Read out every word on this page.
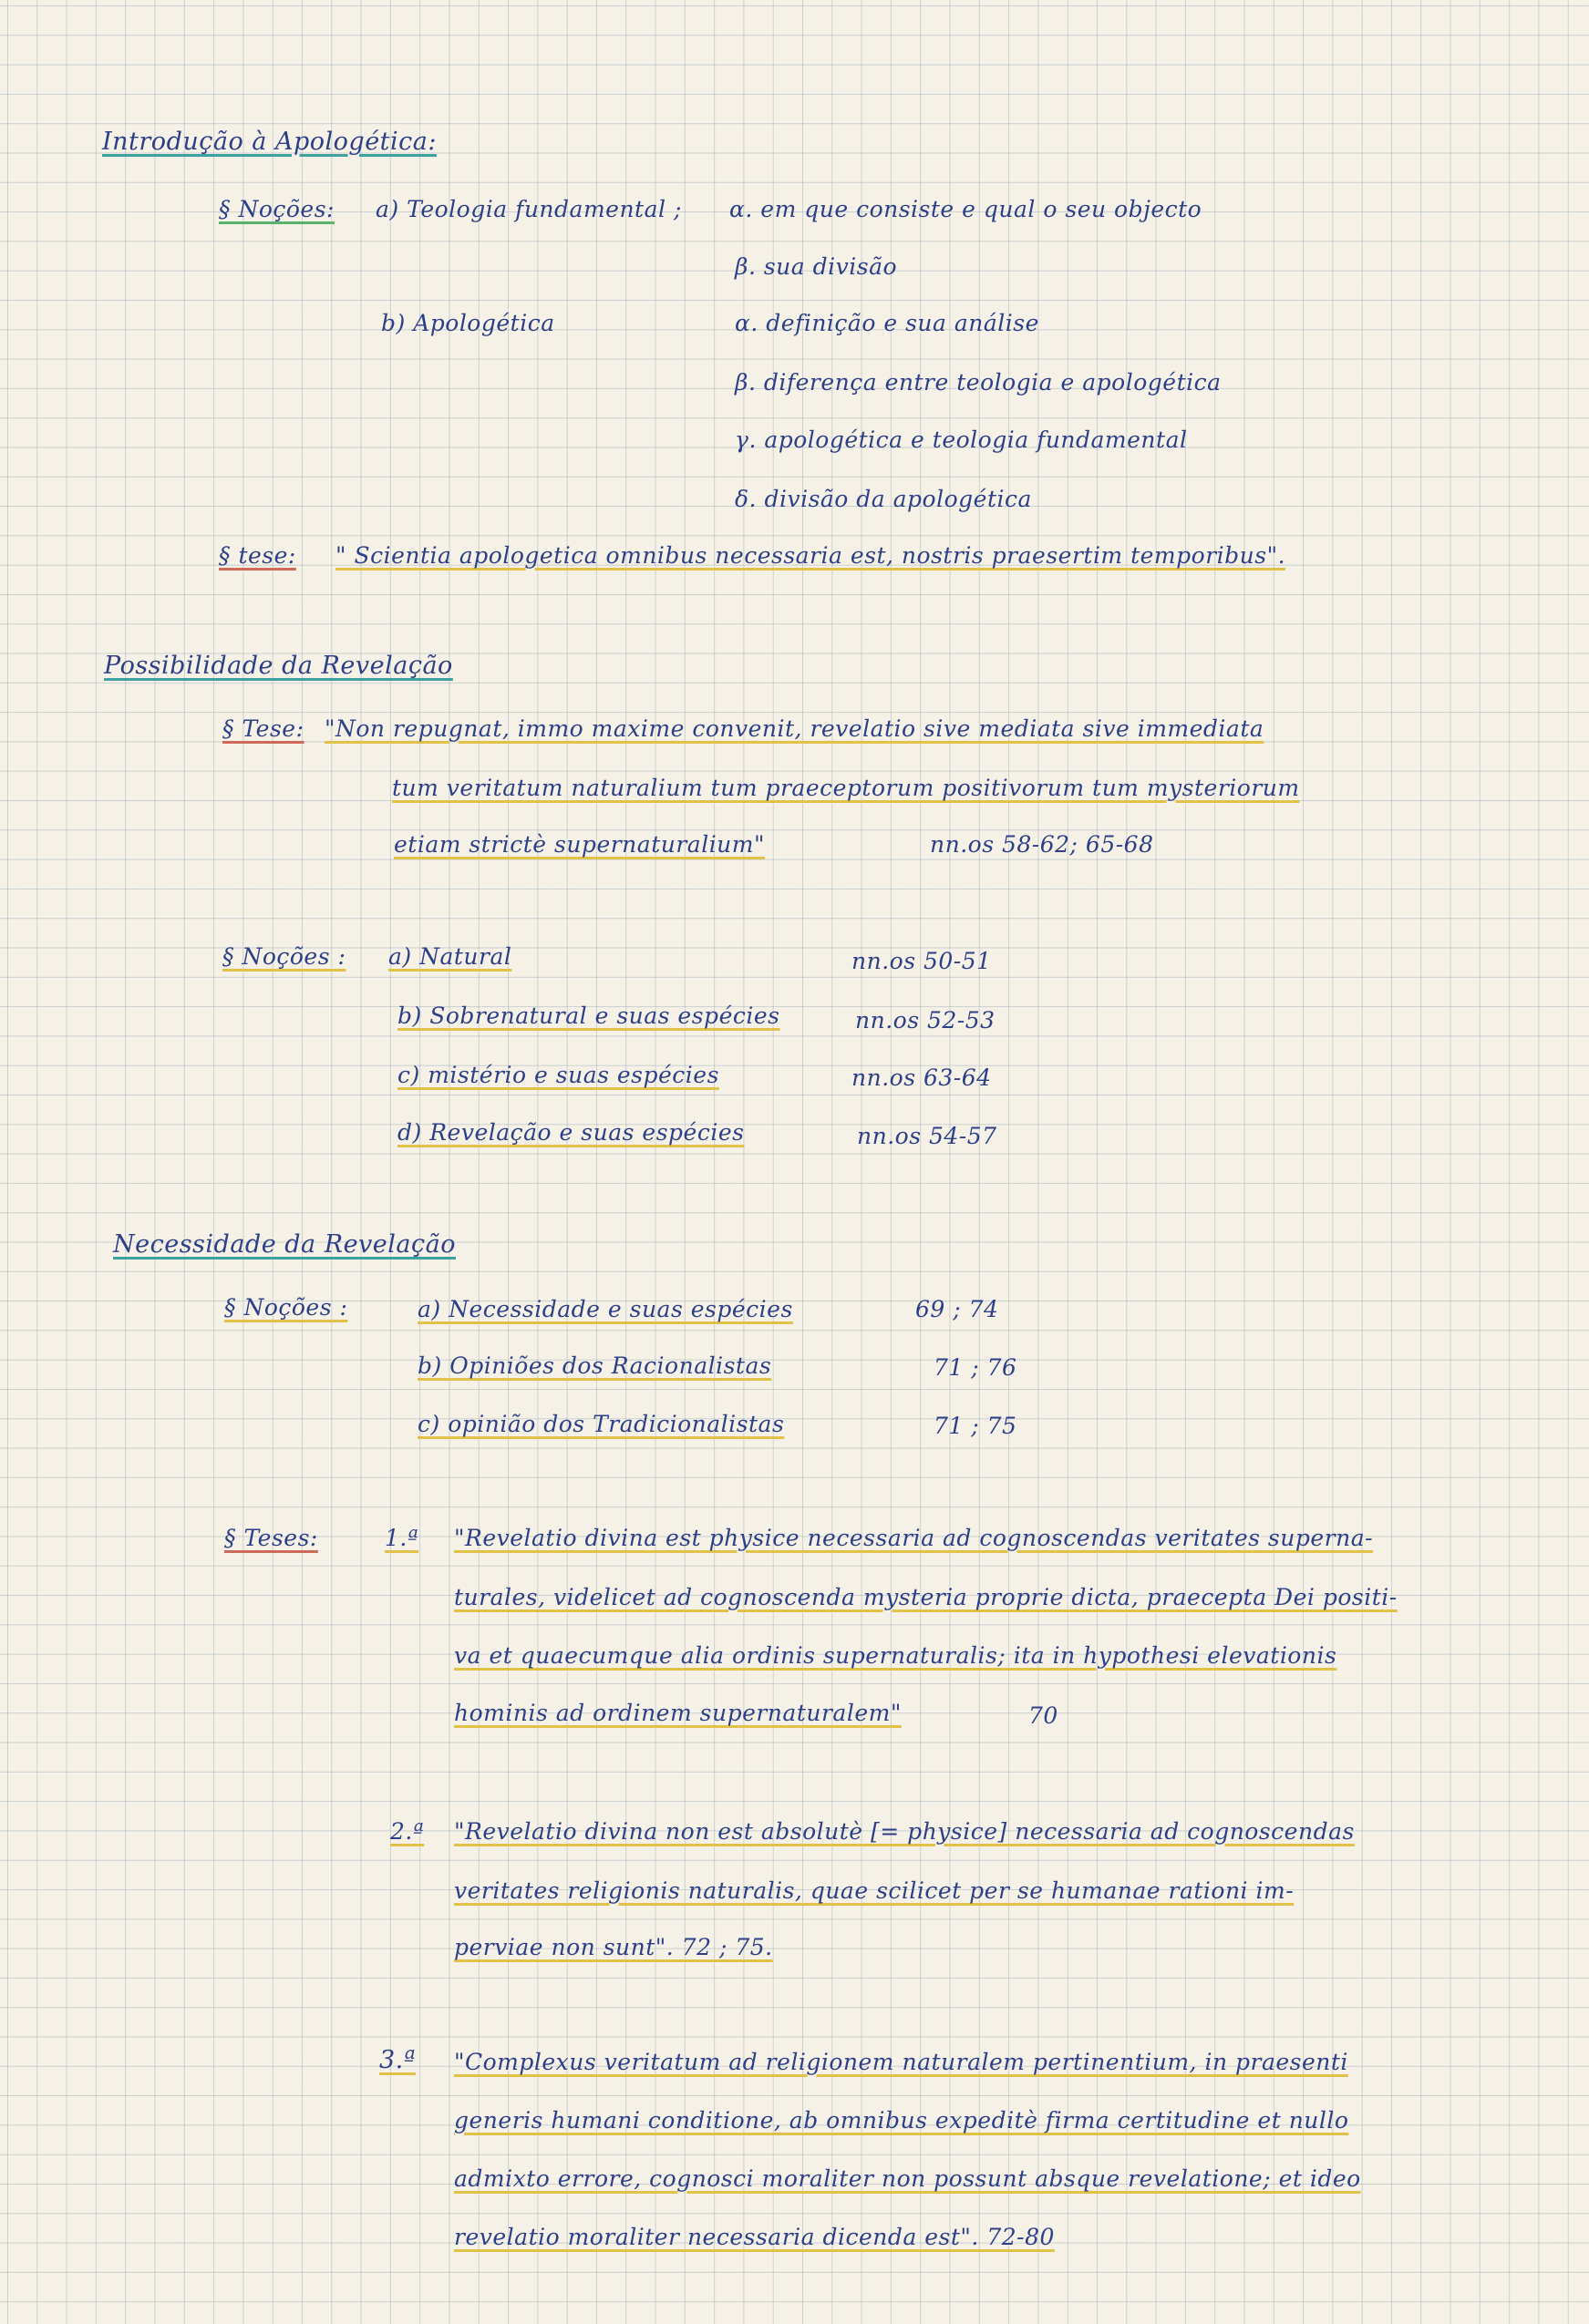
Introdução à Apologética:
§ Noções: a) Teologia fundamental ; α. em que consiste e qual o seu objecto
β. sua divisão
b) Apologética	α. definição e sua análise
β. diferença entre teologia e apologética
γ. apologética e teologia fundamental
δ. divisão da apologética
§ tese: " Scientia apologetica omnibus necessaria est, nostris praesertim temporibus".
Possibilidade da Revelação
§ Tese: "Non repugnat, immo maxime convenit, revelatio sive mediata sive immediata
tum veritatum naturalium tum praeceptorum positivorum tum mysteriorum
etiam strictè supernaturalium"	nn.os 58-62; 65-68
§ Noções : a) Natural	nn.os 50-51
b) Sobrenatural e suas espécies	nn.os 52-53
c) mistério e suas espécies	nn.os 63-64
d) Revelação e suas espécies	nn.os 54-57
Necessidade da Revelação
§ Noções :	a) Necessidade e suas espécies	69 ; 74
b) Opiniões dos Racionalistas	71 ; 76
c) opinião dos Tradicionalistas	71 ; 75
§ Teses:	1.ª "Revelatio divina est physice necessaria ad cognoscendas veritates superna-
turales, videlicet ad cognoscenda mysteria proprie dicta, praecepta Dei positi-
va et quaecumque alia ordinis supernaturalis; ita in hypothesi elevationis
hominis ad ordinem supernaturalem"	70
2.ª "Revelatio divina non est absolutè [= physice] necessaria ad cognoscendas
veritates religionis naturalis, quae scilicet per se humanae rationi im-
perviae non sunt". 72 ; 75.
3.ª "Complexus veritatum ad religionem naturalem pertinentium, in praesenti
generis humani conditione, ab omnibus expeditè firma certitudine et nullo
admixto errore, cognosci moraliter non possunt absque revelatione; et ideo
revelatio moraliter necessaria dicenda est". 72-80
